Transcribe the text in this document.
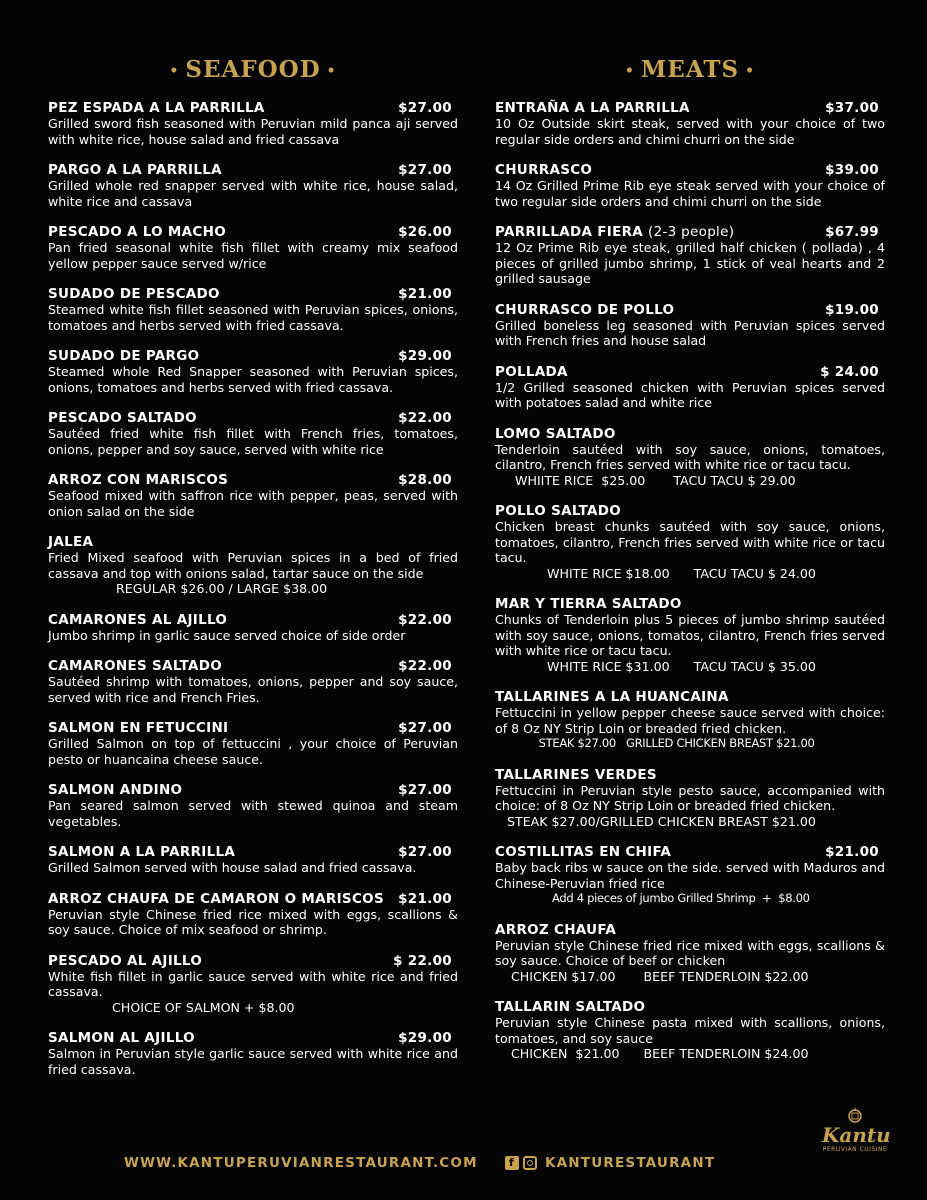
• SEAFOOD •
PEZ ESPADA A LA PARRILLA	$27.00

Grilled sword fish seasoned with Peruvian mild panca aji served with white rice, house salad and fried cassava

PARGO A LA PARRILLA	$27.00

Grilled whole red snapper served with white rice, house salad, white rice and cassava

PESCADO A LO MACHO	$26.00

Pan fried seasonal white fish fillet with creamy mix seafood yellow pepper sauce served w/rice

SUDADO DE PESCADO	$21.00

Steamed white fish fillet seasoned with Peruvian spices, onions, tomatoes and herbs served with fried cassava.

SUDADO DE PARGO	$29.00

Steamed whole Red Snapper seasoned with Peruvian spices, onions, tomatoes and herbs served with fried cassava.

PESCADO SALTADO	$22.00

Sautéed fried white fish fillet with French fries, tomatoes, onions, pepper and soy sauce, served with white rice

ARROZ CON MARISCOS	$28.00

Seafood mixed with saffron rice with pepper, peas, served with onion salad on the side

JALEA

Fried Mixed seafood with Peruvian spices in a bed of fried cassava and top with onions salad, tartar sauce on the side

REGULAR $26.00 / LARGE $38.00

CAMARONES AL AJILLO	$22.00

Jumbo shrimp in garlic sauce served choice of side order

CAMARONES SALTADO	$22.00

Sautéed shrimp with tomatoes, onions, pepper and soy sauce, served with rice and French Fries.

SALMON EN FETUCCINI	$27.00

Grilled Salmon on top of fettuccini , your choice of Peruvian pesto or huancaina cheese sauce.

SALMON ANDINO	$27.00

Pan seared salmon served with stewed quinoa and steam vegetables.

SALMON A LA PARRILLA	$27.00

Grilled Salmon served with house salad and fried cassava.

ARROZ CHAUFA DE CAMARON O MARISCOS $21.00

Peruvian style Chinese fried rice mixed with eggs, scallions & soy sauce. Choice of mix seafood or shrimp.

PESCADO AL AJILLO	$ 22.00

White fish fillet in garlic sauce served with white rice and fried cassava.

CHOICE OF SALMON + $8.00

SALMON AL AJILLO	$29.00

Salmon in Peruvian style garlic sauce served with white rice and fried cassava.

• MEATS •
ENTRAÑA A LA PARRILLA	$37.00

10 Oz Outside skirt steak, served with your choice of two regular side orders and chimi churri on the side

CHURRASCO	$39.00

14 Oz Grilled Prime Rib eye steak served with your choice of two regular side orders and chimi churri on the side

PARRILLADA FIERA (2-3 people)	$67.99

12 Oz Prime Rib eye steak, grilled half chicken ( pollada) , 4 pieces of grilled jumbo shrimp, 1 stick of veal hearts and 2 grilled sausage

CHURRASCO DE POLLO	$19.00

Grilled boneless leg seasoned with Peruvian spices served with French fries and house salad

POLLADA	$ 24.00

1/2 Grilled seasoned chicken with Peruvian spices served with potatoes salad and white rice

LOMO SALTADO

Tenderloin sautéed with soy sauce, onions, tomatoes, cilantro, French fries served with white rice or tacu tacu.

WHIITE RICE  $25.00       TACU TACU $ 29.00

POLLO SALTADO

Chicken breast chunks sautéed with soy sauce, onions, tomatoes, cilantro, French fries served with white rice or tacu tacu.

WHITE RICE $18.00      TACU TACU $ 24.00

MAR Y TIERRA SALTADO

Chunks of Tenderloin plus 5 pieces of jumbo shrimp sautéed with soy sauce, onions, tomatos, cilantro, French fries served with white rice or tacu tacu.

WHITE RICE $31.00      TACU TACU $ 35.00

TALLARINES A LA HUANCAINA

Fettuccini in yellow pepper cheese sauce served with choice: of 8 Oz NY Strip Loin or breaded fried chicken.

STEAK $27.00   GRILLED CHICKEN BREAST $21.00

TALLARINES VERDES

Fettuccini in Peruvian style pesto sauce, accompanied with choice: of 8 Oz NY Strip Loin or breaded fried chicken.

STEAK $27.00/GRILLED CHICKEN BREAST $21.00

COSTILLITAS EN CHIFA	$21.00

Baby back ribs w sauce on the side. served with Maduros and Chinese-Peruvian fried rice

Add 4 pieces of jumbo Grilled Shrimp  +  $8.00

ARROZ CHAUFA

Peruvian style Chinese fried rice mixed with eggs, scallions & soy sauce. Choice of beef or chicken

CHICKEN $17.00       BEEF TENDERLOIN $22.00

TALLARIN SALTADO

Peruvian style Chinese pasta mixed with scallions, onions, tomatoes, and soy sauce

CHICKEN  $21.00      BEEF TENDERLOIN $24.00

WWW.KANTUPERUVIANRESTAURANT.COM	f KANTURESTAURANT
Kantu
PERUVIAN CUISINE
